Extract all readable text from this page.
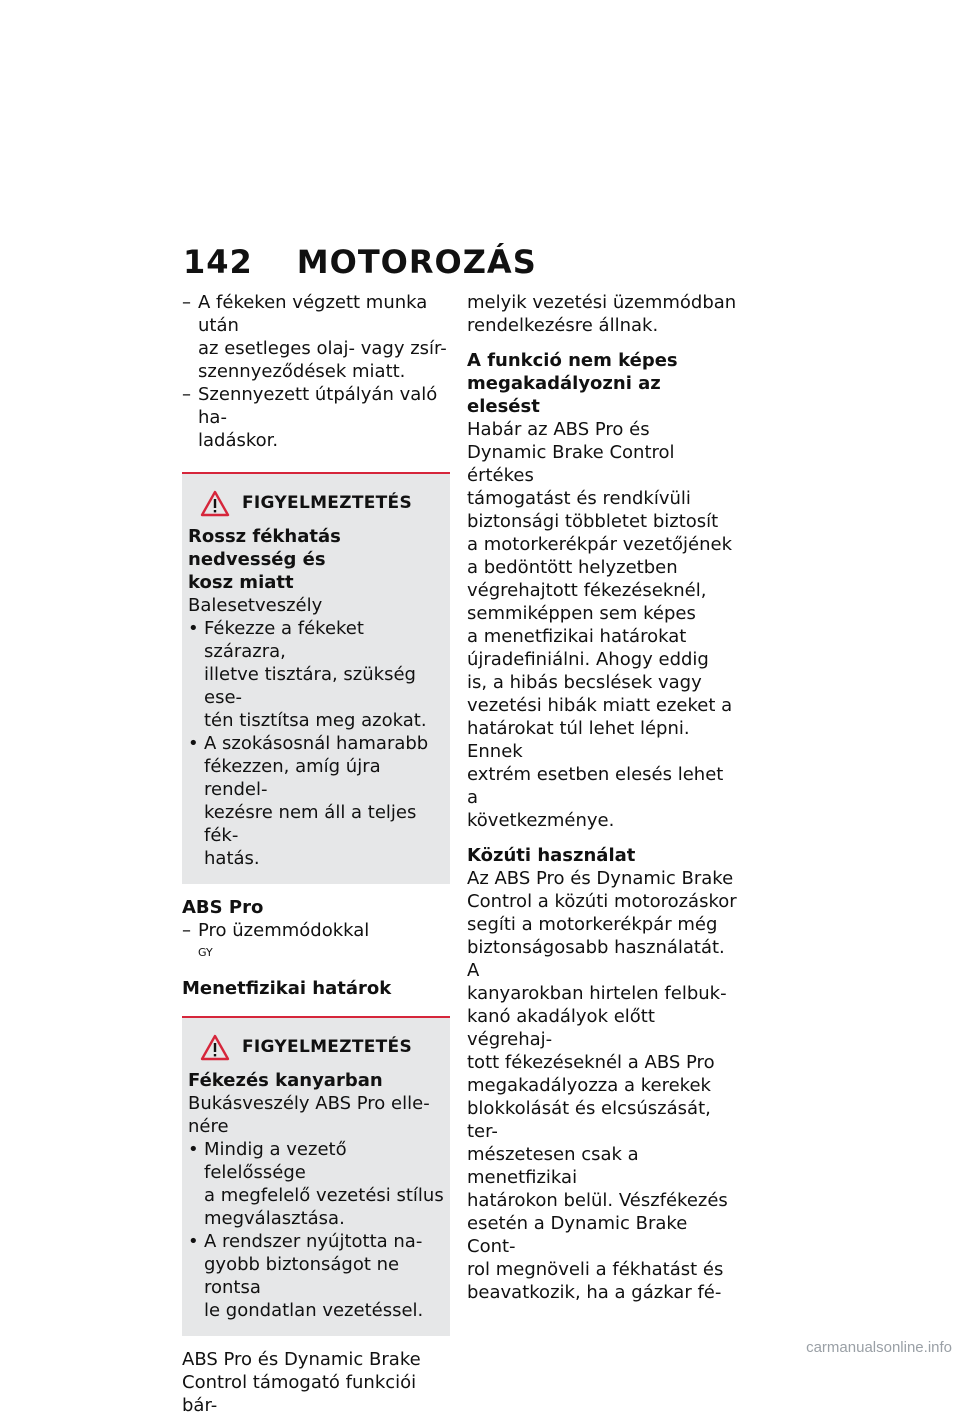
142 MOTOROZÁS

– A fékeken végzett munka után
az esetleges olaj- vagy zsír-
szennyeződések miatt.

– Szennyezett útpályán való ha-
ladáskor.

FIGYELMEZTETÉS
Rossz fékhatás nedvesség és
kosz miatt
Balesetveszély
• Fékezze a fékeket szárazra,
illetve tisztára, szükség ese-
tén tisztítsa meg azokat.
• A szokásosnál hamarabb
fékezzen, amíg újra rendel-
kezésre nem áll a teljes fék-
hatás.
ABS Pro

– Pro üzemmódokkal
GY

Menetfizikai határok
FIGYELMEZTETÉS
Fékezés kanyarban
Bukásveszély ABS Pro elle-
nére
• Mindig a vezető felelőssége
a megfelelő vezetési stílus
megválasztása.
• A rendszer nyújtotta na-
gyobb biztonságot ne rontsa
le gondatlan vezetéssel.
ABS Pro és Dynamic Brake
Control támogató funkciói bár-
melyik vezetési üzemmódban
rendelkezésre állnak.
A funkció nem képes
megakadályozni az elesést
Habár az ABS Pro és
Dynamic Brake Control értékes
támogatást és rendkívüli
biztonsági többletet biztosít
a motorkerékpár vezetőjének
a bedöntött helyzetben
végrehajtott fékezéseknél,
semmiképpen sem képes
a menetfizikai határokat
újradefiniálni. Ahogy eddig
is, a hibás becslések vagy
vezetési hibák miatt ezeket a
határokat túl lehet lépni. Ennek
extrém esetben elesés lehet a
következménye.
Közúti használat
Az ABS Pro és Dynamic Brake
Control a közúti motorozáskor
segíti a motorkerékpár még
biztonságosabb használatát. A
kanyarokban hirtelen felbuk-
kanó akadályok előtt végrehaj-
tott fékezéseknél a ABS Pro
megakadályozza a kerekek
blokkolását és elcsúszását, ter-
mészetesen csak a menetfizikai
határokon belül. Vészfékezés
esetén a Dynamic Brake Cont-
rol megnöveli a fékhatást és
beavatkozik, ha a gázkar fé-
carmanualsonline.info
